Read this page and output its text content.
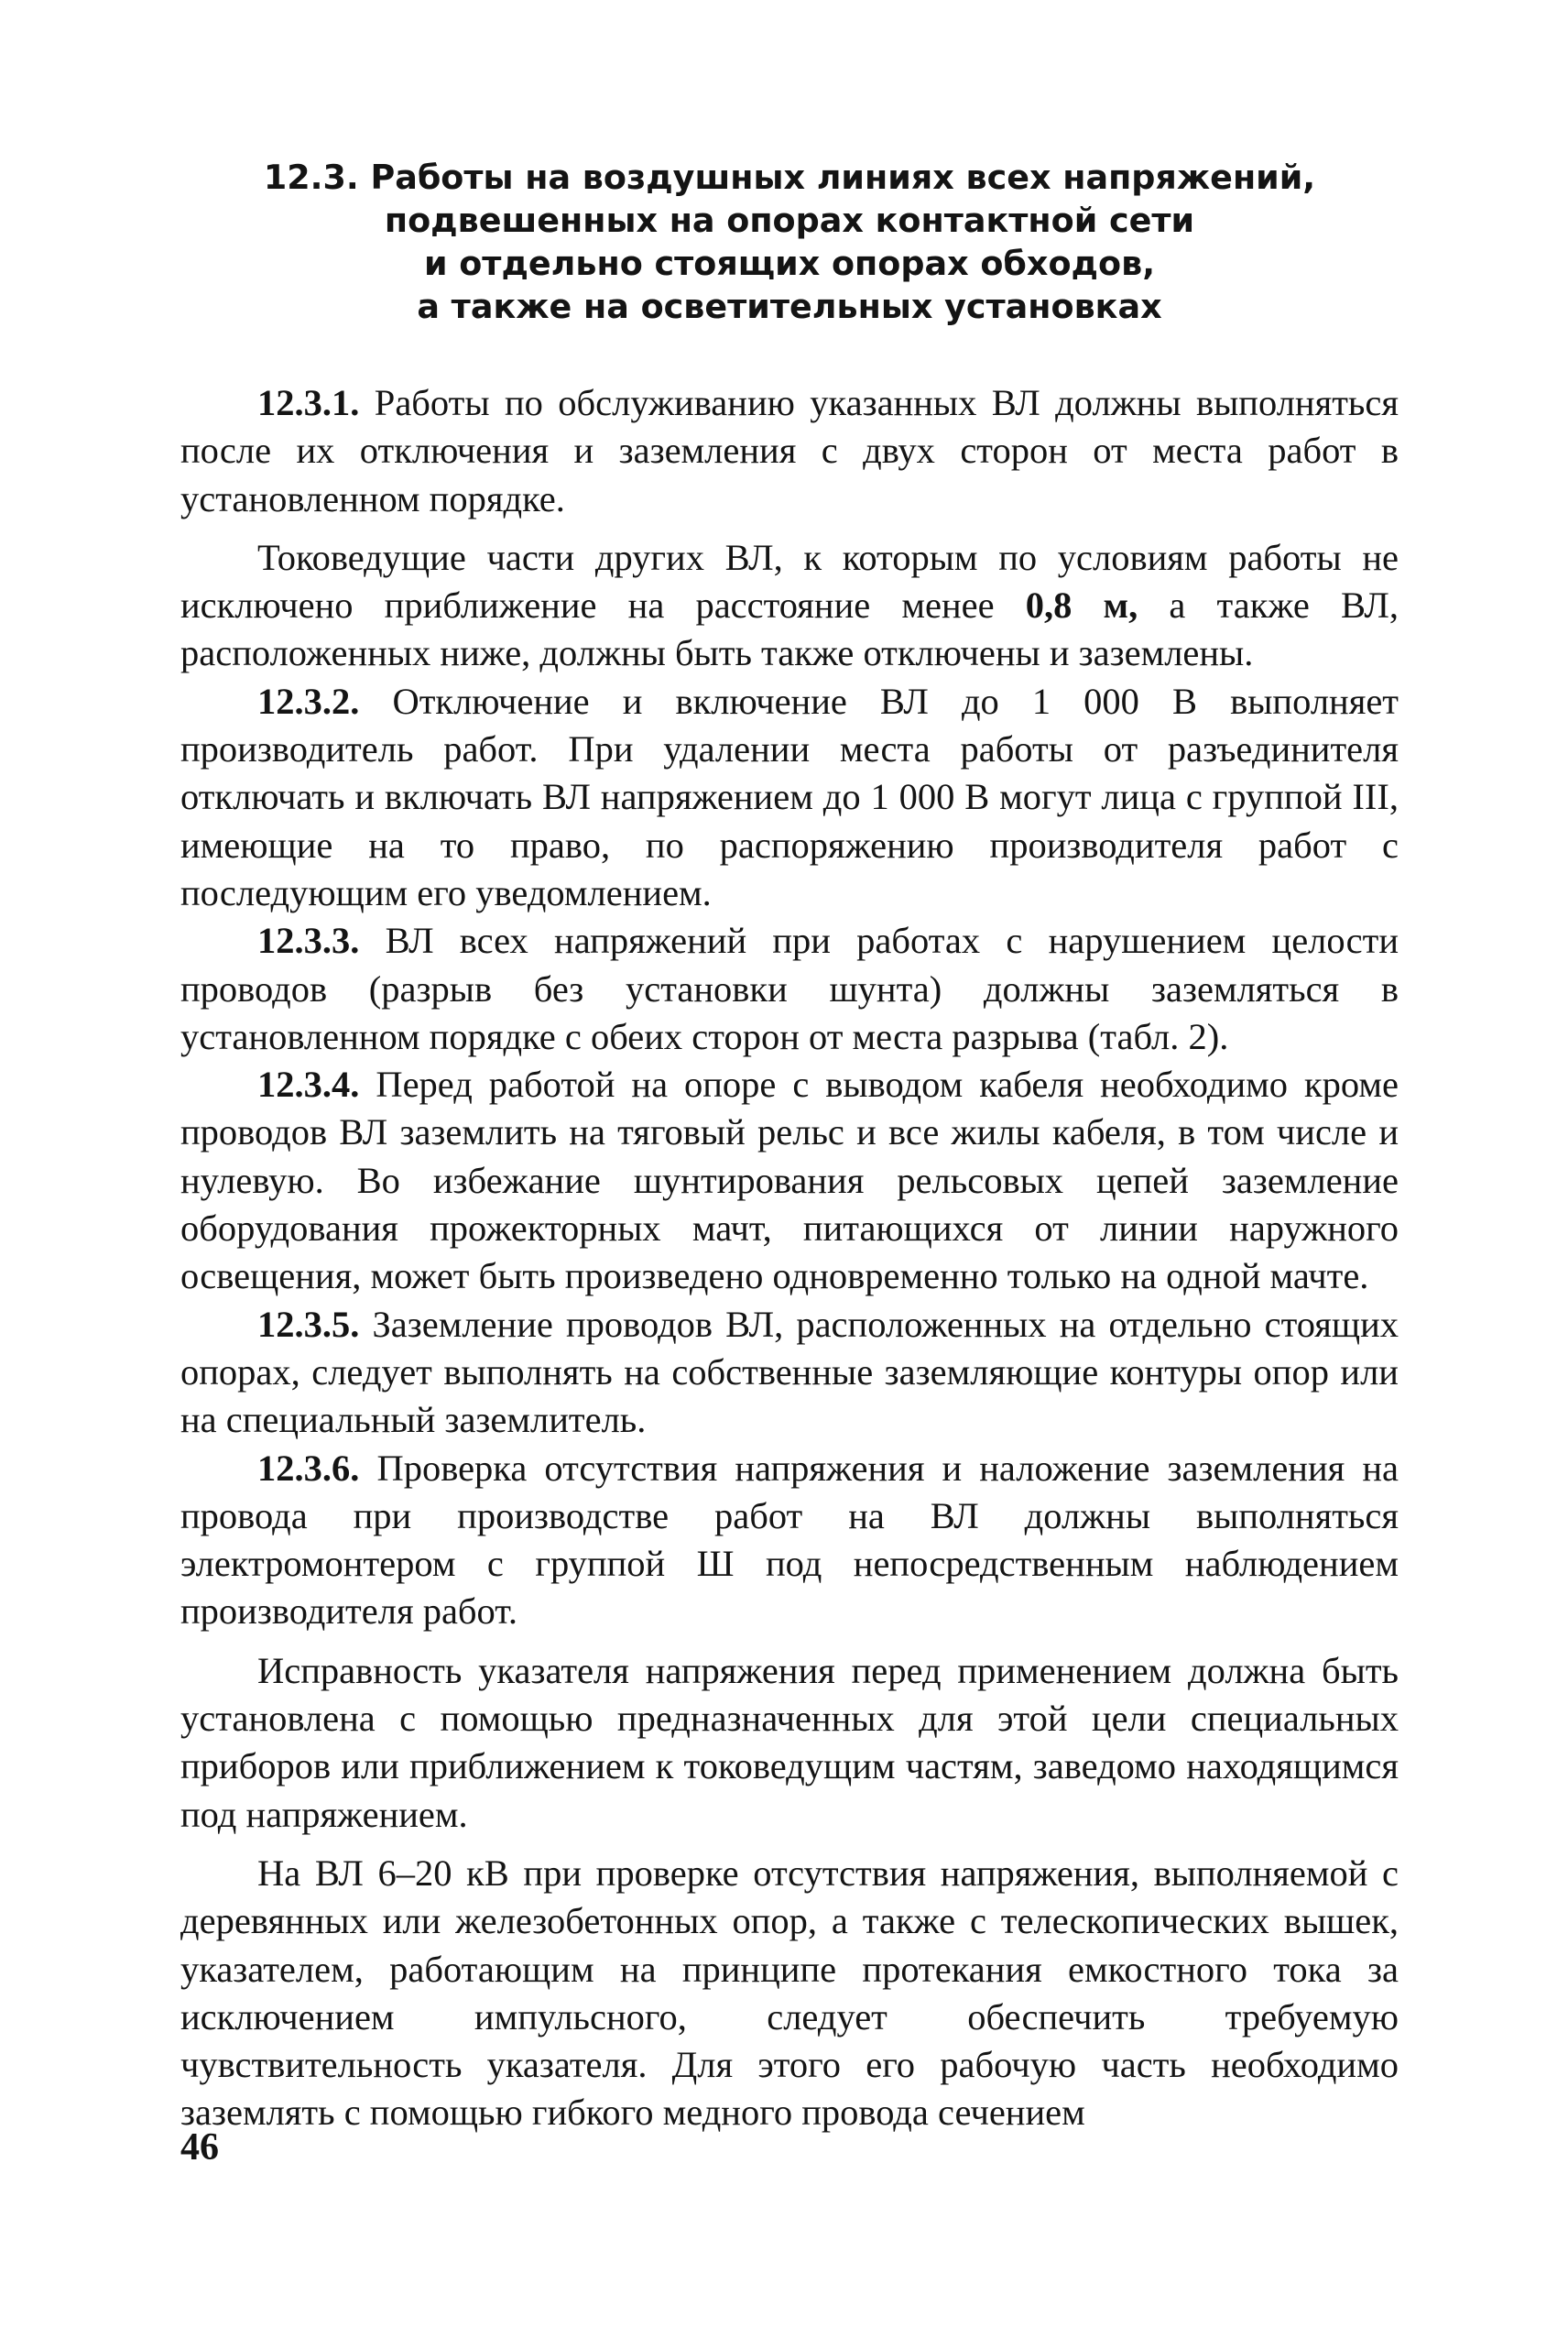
12.3. Работы на воздушных линиях всех напряжений,
подвешенных на опорах контактной сети
и отдельно стоящих опорах обходов,
а также на осветительных установках

12.3.1. Работы по обслуживанию указанных ВЛ должны выполняться после их отключения и заземления с двух сторон от места работ в установленном порядке.

Токоведущие части других ВЛ, к которым по условиям работы не исключено приближение на расстояние менее 0,8 м, а также ВЛ, расположенных ниже, должны быть также отключены и заземлены.

12.3.2. Отключение и включение ВЛ до 1 000 В выполняет производитель работ. При удалении места работы от разъединителя отключать и включать ВЛ напряжением до 1 000 В могут лица с группой III, имеющие на то право, по распоряжению производителя работ с последующим его уведомлением.

12.3.3. ВЛ всех напряжений при работах с нарушением целости проводов (разрыв без установки шунта) должны заземляться в установленном порядке с обеих сторон от места разрыва (табл. 2).

12.3.4. Перед работой на опоре с выводом кабеля необходимо кроме проводов ВЛ заземлить на тяговый рельс и все жилы кабеля, в том числе и нулевую. Во избежание шунтирования рельсовых цепей заземление оборудования прожекторных мачт, питающихся от линии наружного освещения, может быть произведено одновременно только на одной мачте.

12.3.5. Заземление проводов ВЛ, расположенных на отдельно стоящих опорах, следует выполнять на собственные заземляющие контуры опор или на специальный заземлитель.

12.3.6. Проверка отсутствия напряжения и наложение заземления на провода при производстве работ на ВЛ должны выполняться электромонтером с группой Ш под непосредственным наблюдением производителя работ.

Исправность указателя напряжения перед применением должна быть установлена с помощью предназначенных для этой цели специальных приборов или приближением к токоведущим частям, заведомо находящимся под напряжением.

На ВЛ 6–20 кВ при проверке отсутствия напряжения, выполняемой с деревянных или железобетонных опор, а также с телескопических вышек, указателем, работающим на принципе протекания емкостного тока за исключением импульсного, следует обеспечить требуемую чувствительность указателя. Для этого его рабочую часть необходимо заземлять с помощью гибкого медного провода сечением

46
